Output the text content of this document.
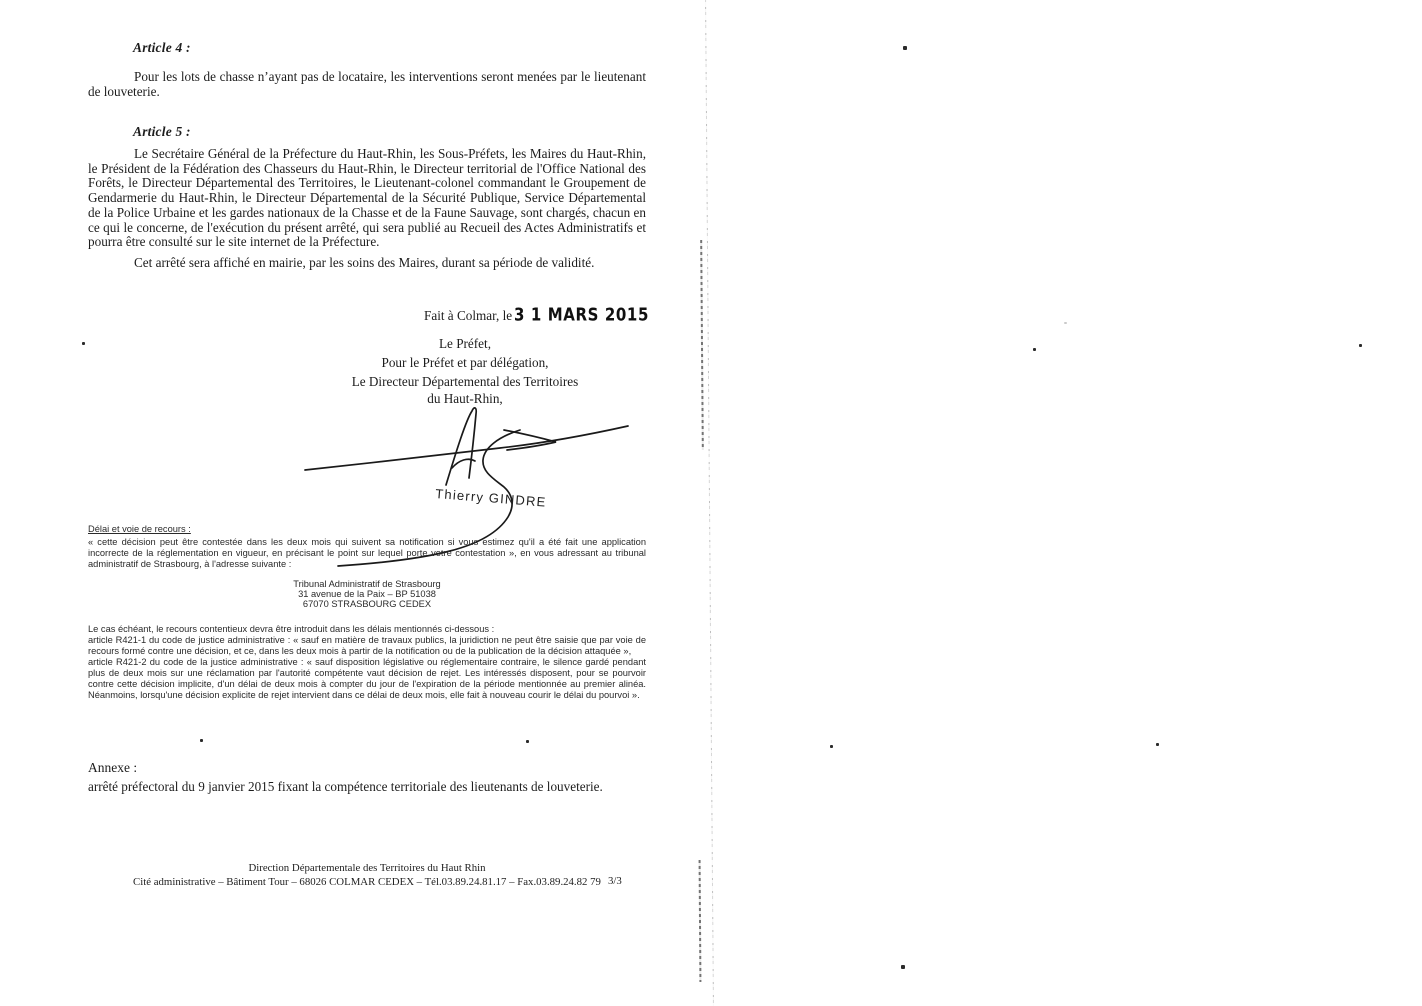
Article 4 :

Pour les lots de chasse n’ayant pas de locataire, les interventions seront menées par le lieutenant de louveterie.

Article 5 :

Le Secrétaire Général de la Préfecture du Haut-Rhin, les Sous-Préfets, les Maires du Haut-Rhin, le Président de la Fédération des Chasseurs du Haut-Rhin, le Directeur territorial de l'Office National des Forêts, le Directeur Départemental des Territoires, le Lieutenant-colonel commandant le Groupement de Gendarmerie du Haut-Rhin, le Directeur Départemental de la Sécurité Publique, Service Départemental de la Police Urbaine et les gardes nationaux de la Chasse et de la Faune Sauvage, sont chargés, chacun en ce qui le concerne, de l'exécution du présent arrêté, qui sera publié au Recueil des Actes Administratifs et pourra être consulté sur le site internet de la Préfecture.

Cet arrêté sera affiché en mairie, par les soins des Maires, durant sa période de validité.

Fait à Colmar, le 3 1 MARS 2015
Le Préfet,
Pour le Préfet et par délégation,
Le Directeur Départemental des Territoires
du Haut-Rhin,
Thierry GINDRE
Délai et voie de recours :

« cette décision peut être contestée dans les deux mois qui suivent sa notification si vous estimez qu'il a été fait une application incorrecte de la réglementation en vigueur, en précisant le point sur lequel porte votre contestation », en vous adressant au tribunal administratif de Strasbourg, à l'adresse suivante :

Tribunal Administratif de Strasbourg
31 avenue de la Paix – BP 51038
67070 STRASBOURG CEDEX

Le cas échéant, le recours contentieux devra être introduit dans les délais mentionnés ci-dessous :

article R421-1 du code de justice administrative : « sauf en matière de travaux publics, la juridiction ne peut être saisie que par voie de recours formé contre une décision, et ce, dans les deux mois à partir de la notification ou de la publication de la décision attaquée »,

article R421-2 du code de la justice administrative : « sauf disposition législative ou réglementaire contraire, le silence gardé pendant plus de deux mois sur une réclamation par l'autorité compétente vaut décision de rejet. Les intéressés disposent, pour se pourvoir contre cette décision implicite, d'un délai de deux mois à compter du jour de l'expiration de la période mentionnée au premier alinéa. Néanmoins, lorsqu'une décision explicite de rejet intervient dans ce délai de deux mois, elle fait à nouveau courir le délai du pourvoi ».

Annexe :

arrêté préfectoral du 9 janvier 2015 fixant la compétence territoriale des lieutenants de louveterie.

Direction Départementale des Territoires du Haut Rhin
Cité administrative – Bâtiment Tour – 68026 COLMAR CEDEX – Tél.03.89.24.81.17 – Fax.03.89.24.82 79 3/3
